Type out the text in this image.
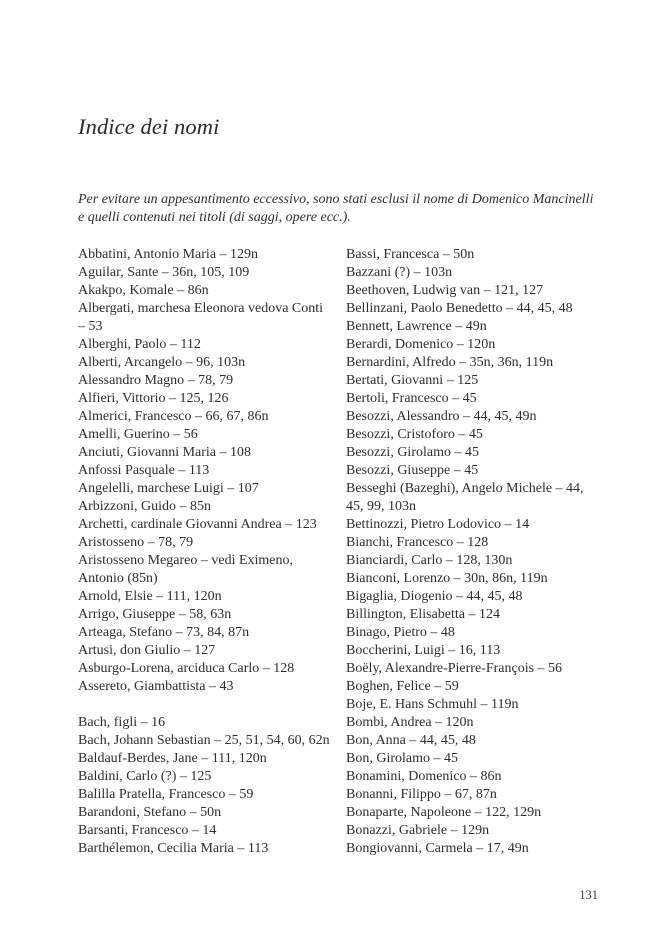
Indice dei nomi
Per evitare un appesantimento eccessivo, sono stati esclusi il nome di Domenico Mancinelli e quelli contenuti nei titoli (di saggi, opere ecc.).
Abbatini, Antonio Maria – 129n
Aguilar, Sante – 36n, 105, 109
Akakpo, Komale – 86n
Albergati, marchesa Eleonora vedova Conti – 53
Alberghi, Paolo – 112
Alberti, Arcangelo – 96, 103n
Alessandro Magno – 78, 79
Alfieri, Vittorio – 125, 126
Almerici, Francesco – 66, 67, 86n
Amelli, Guerino – 56
Anciuti, Giovanni Maria – 108
Anfossi Pasquale – 113
Angelelli, marchese Luigi – 107
Arbizzoni, Guido – 85n
Archetti, cardinale Giovanni Andrea – 123
Aristosseno – 78, 79
Aristosseno Megareo – vedi Eximeno, Antonio (85n)
Arnold, Elsie – 111, 120n
Arrigo, Giuseppe – 58, 63n
Arteaga, Stefano – 73, 84, 87n
Artusi, don Giulio – 127
Asburgo-Lorena, arciduca Carlo – 128
Assereto, Giambattista – 43
Bach, figli – 16
Bach, Johann Sebastian – 25, 51, 54, 60, 62n
Baldauf-Berdes, Jane – 111, 120n
Baldini, Carlo (?) – 125
Balilla Pratella, Francesco – 59
Barandoni, Stefano – 50n
Barsanti, Francesco – 14
Barthélemon, Cecilia Maria – 113
Bassi, Francesca – 50n
Bazzani (?) – 103n
Beethoven, Ludwig van – 121, 127
Bellinzani, Paolo Benedetto – 44, 45, 48
Bennett, Lawrence – 49n
Berardi, Domenico – 120n
Bernardini, Alfredo – 35n, 36n, 119n
Bertati, Giovanni – 125
Bertoli, Francesco – 45
Besozzi, Alessandro – 44, 45, 49n
Besozzi, Cristoforo – 45
Besozzi, Girolamo – 45
Besozzi, Giuseppe – 45
Besseghi (Bazeghi), Angelo Michele – 44, 45, 99, 103n
Bettinozzi, Pietro Lodovico – 14
Bianchi, Francesco – 128
Bianciardi, Carlo – 128, 130n
Bianconi, Lorenzo – 30n, 86n, 119n
Bigaglia, Diogenio – 44, 45, 48
Billington, Elisabetta – 124
Binago, Pietro – 48
Boccherini, Luigi – 16, 113
Boëly, Alexandre-Pierre-François – 56
Boghen, Felice – 59
Boje, E. Hans Schmuhl – 119n
Bombi, Andrea – 120n
Bon, Anna – 44, 45, 48
Bon, Girolamo – 45
Bonamini, Domenico – 86n
Bonanni, Filippo – 67, 87n
Bonaparte, Napoleone – 122, 129n
Bonazzi, Gabriele – 129n
Bongiovanni, Carmela – 17, 49n
131
